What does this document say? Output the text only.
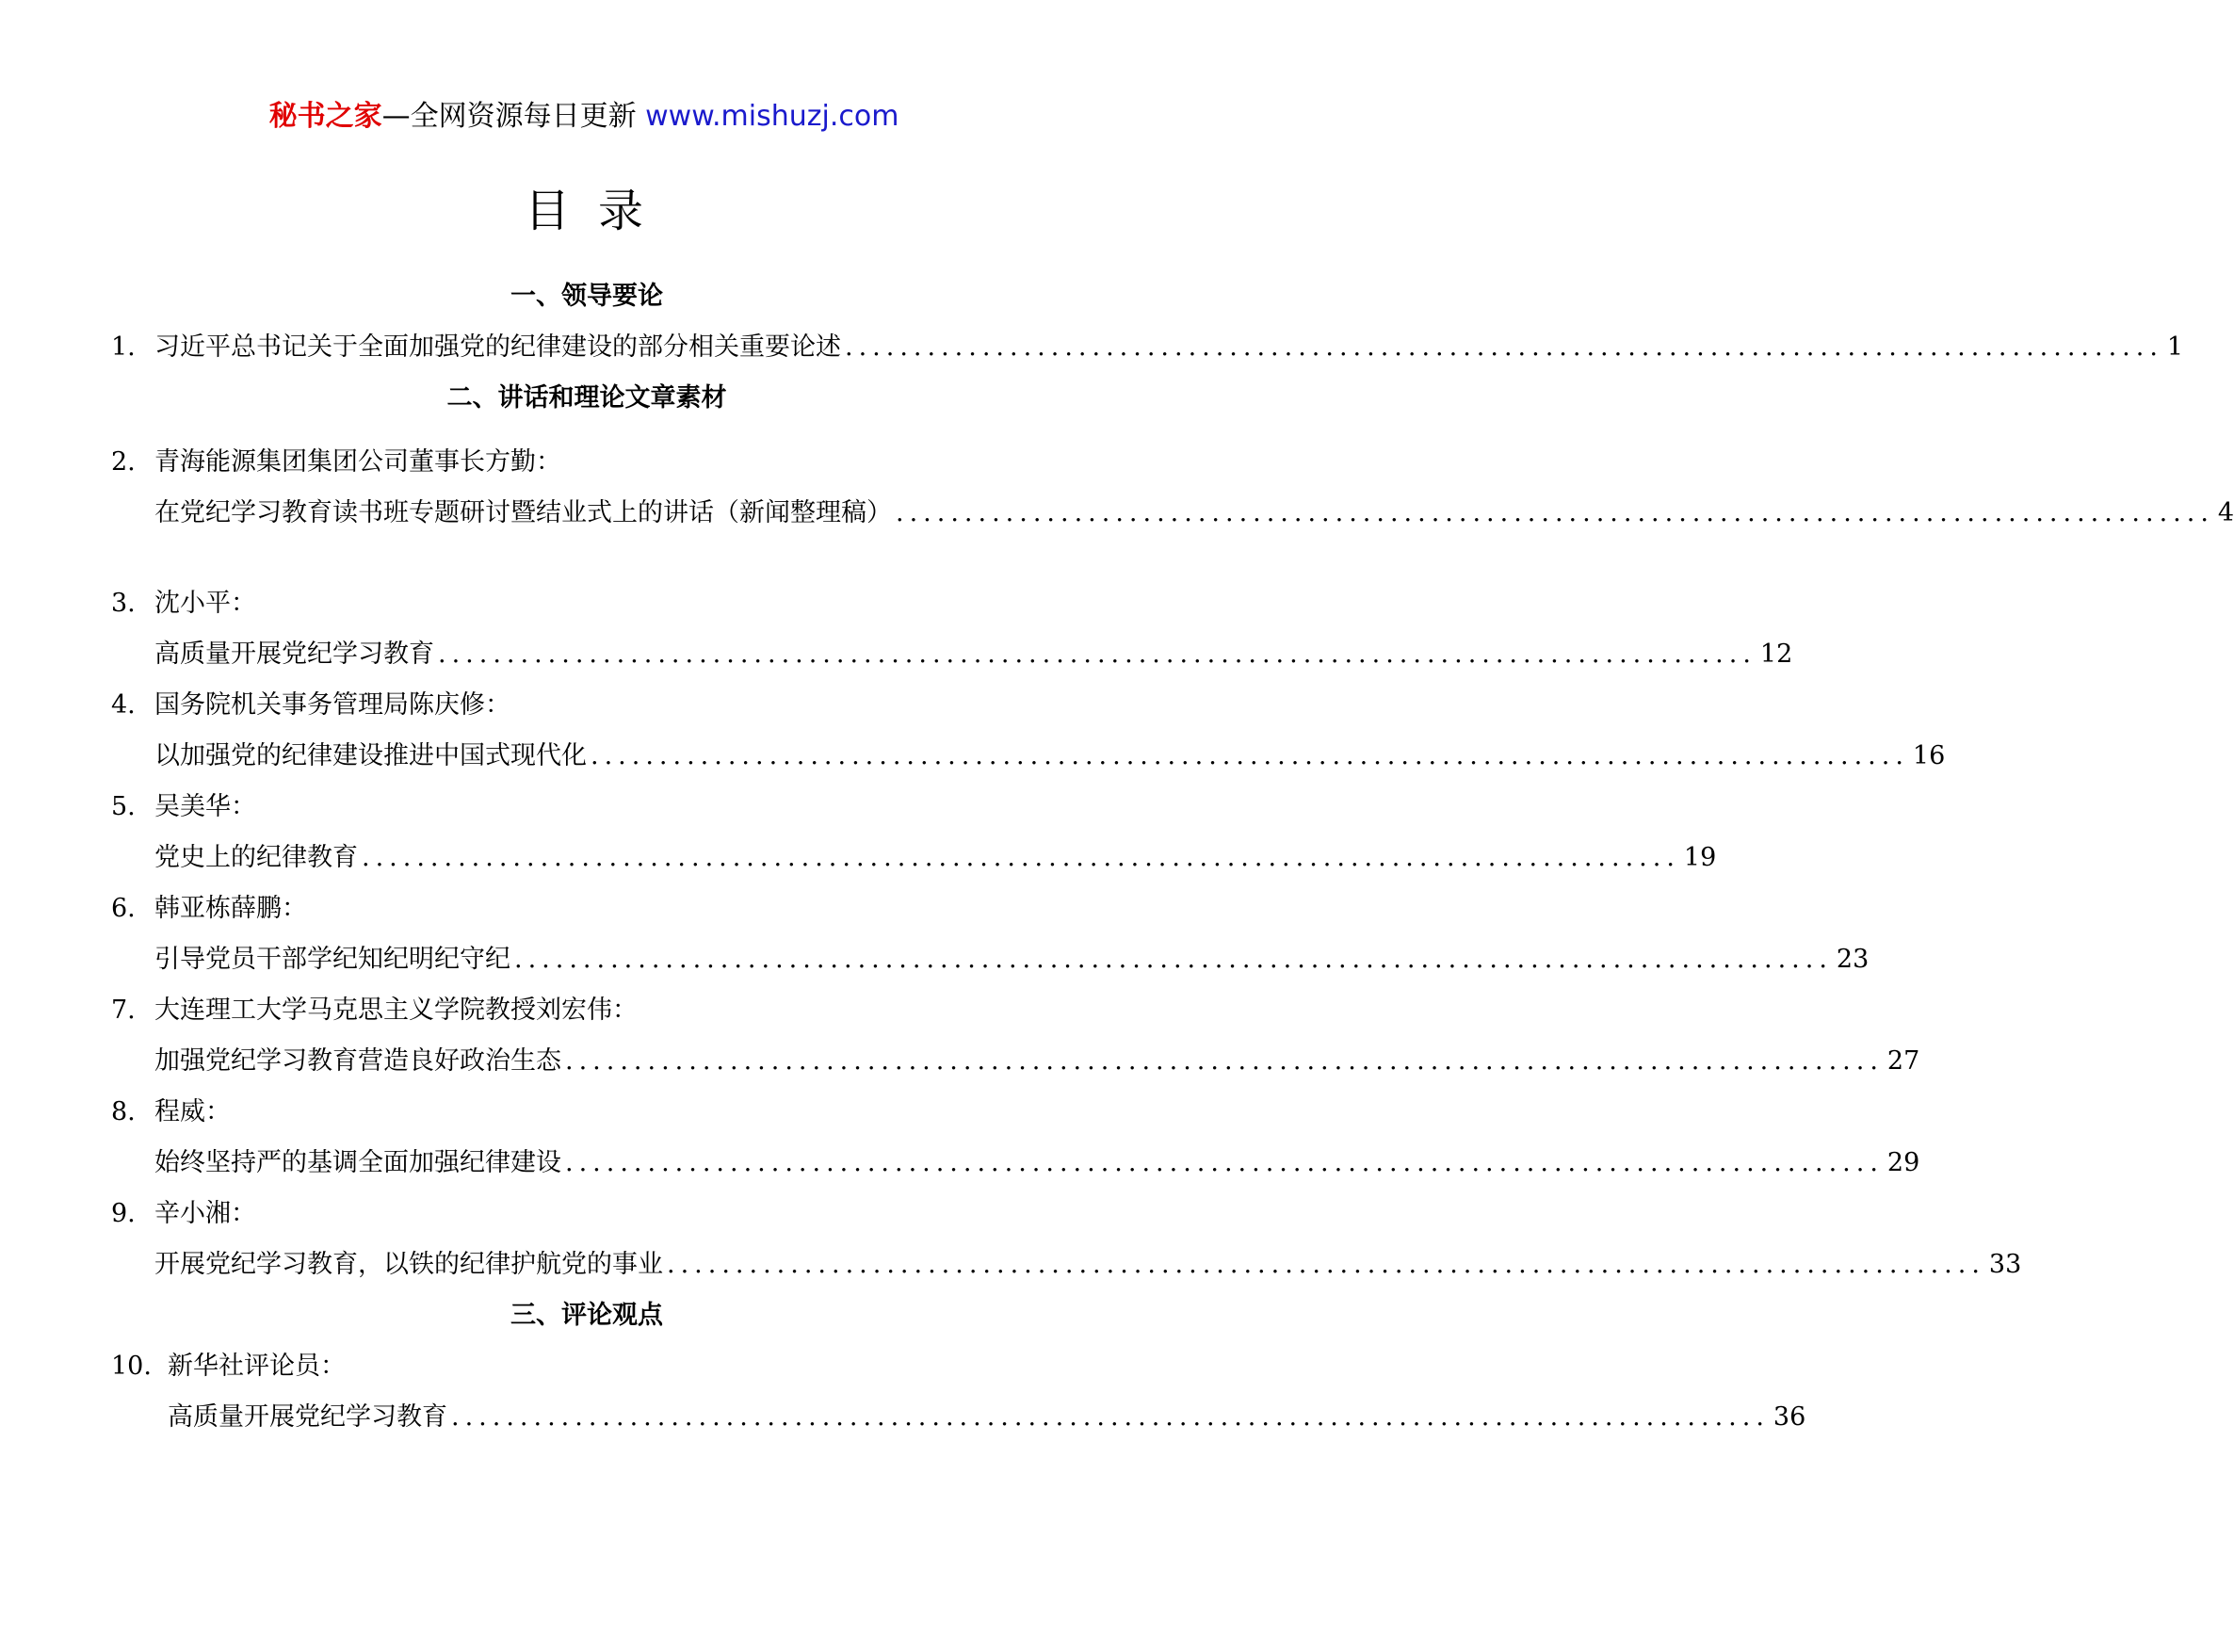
秘书之家—全网资源每日更新 www.mishuzj.com
目录
一、领导要论
1. 习近平总书记关于全面加强党的纪律建设的部分相关重要论述 ................................................................................................ 1
二、讲话和理论文章素材
2. 青海能源集团集团公司董事长方勤：
在党纪学习教育读书班专题研讨暨结业式上的讲话（新闻整理稿） ................................................................................................ 4
3. 沈小平：
高质量开展党纪学习教育 ................................................................................................ 12
4. 国务院机关事务管理局陈庆修：
以加强党的纪律建设推进中国式现代化 ................................................................................................ 16
5. 吴美华：
党史上的纪律教育 ................................................................................................ 19
6. 韩亚栋薛鹏：
引导党员干部学纪知纪明纪守纪 ................................................................................................ 23
7. 大连理工大学马克思主义学院教授刘宏伟：
加强党纪学习教育营造良好政治生态 ................................................................................................ 27
8. 程威：
始终坚持严的基调全面加强纪律建设 ................................................................................................ 29
9. 辛小湘：
开展党纪学习教育，以铁的纪律护航党的事业 ................................................................................................ 33
三、评论观点
10. 新华社评论员：
高质量开展党纪学习教育 ................................................................................................ 36
